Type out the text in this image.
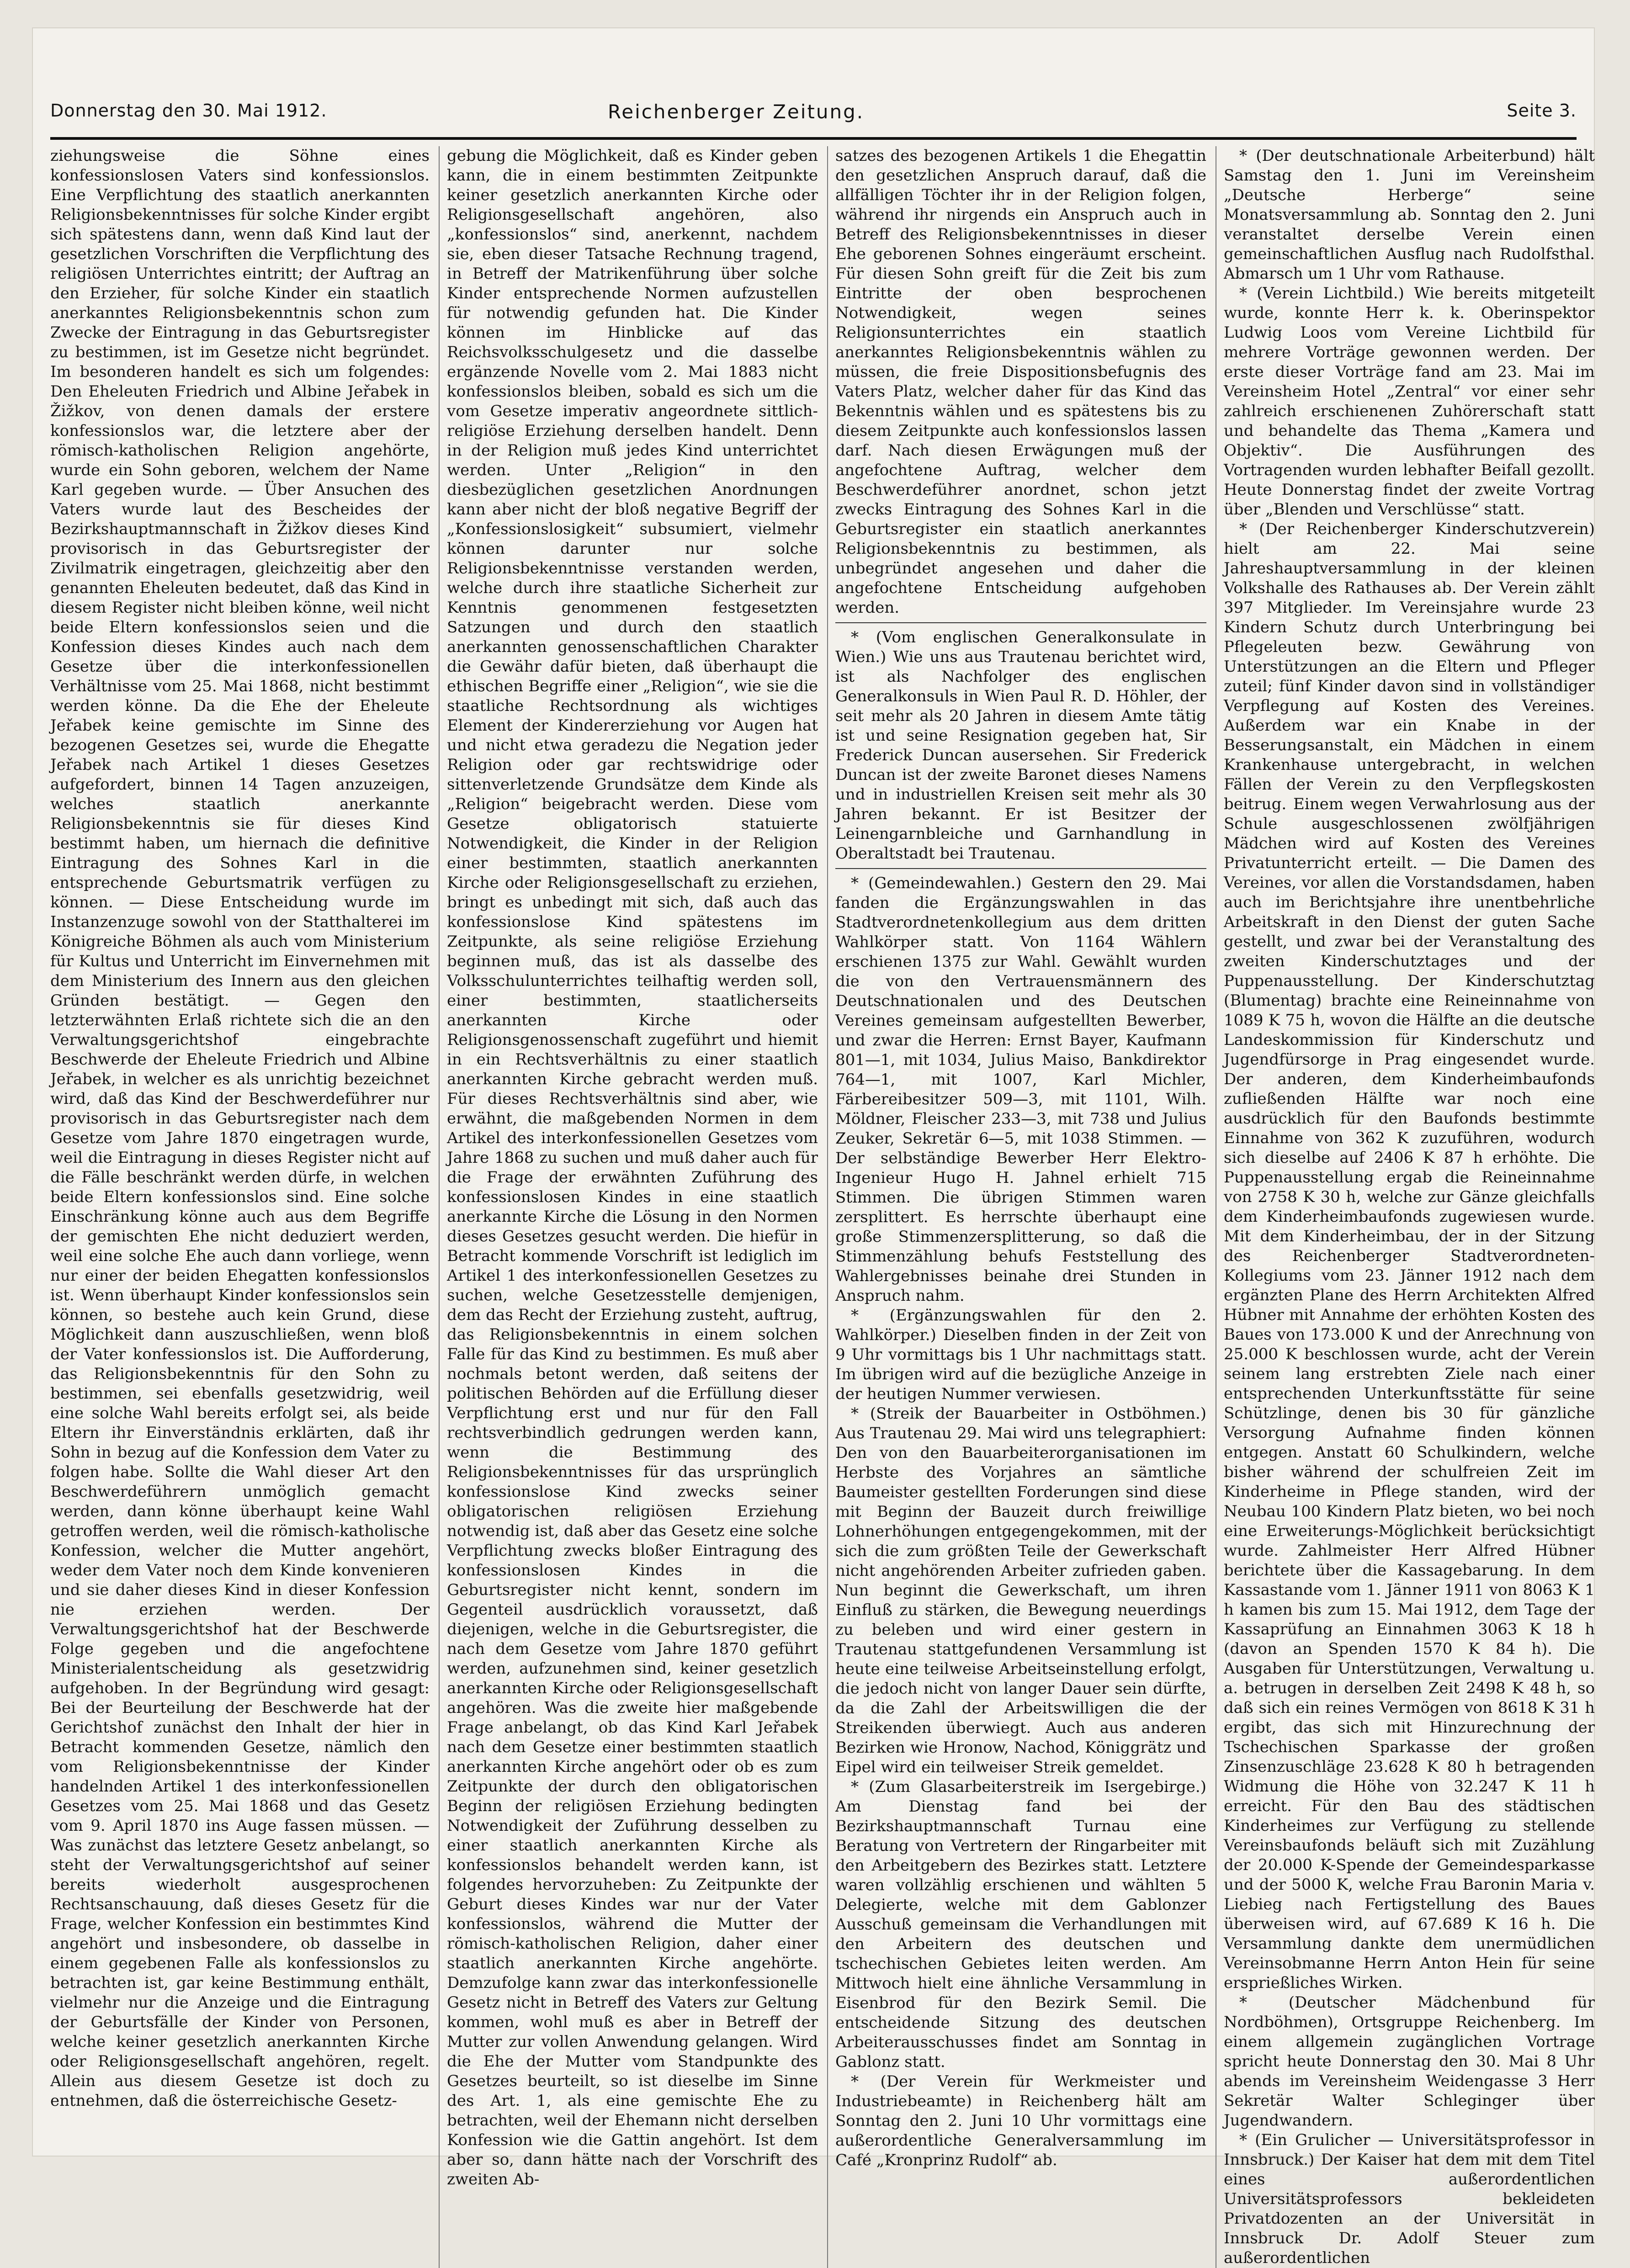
Donnerstag den 30. Mai 1912.	Reichenberger Zeitung.	Seite 3.

ziehungsweise die Söhne eines konfessionslosen Vaters sind konfessionslos. Eine Verpflichtung des staatlich anerkannten Religionsbekenntnisses für solche Kinder ergibt sich spätestens dann, wenn daß Kind laut der gesetzlichen Vorschriften die Verpflichtung des religiösen Unterrichtes eintritt; der Auftrag an den Erzieher, für solche Kinder ein staatlich anerkanntes Religionsbekenntnis schon zum Zwecke der Eintragung in das Geburtsregister zu bestimmen, ist im Gesetze nicht begründet. Im besonderen handelt es sich um folgendes: Den Eheleuten Friedrich und Albine Jeřabek in Žižkov, von denen damals der erstere konfessionslos war, die letztere aber der römisch-katholischen Religion angehörte, wurde ein Sohn geboren, welchem der Name Karl gegeben wurde. — Über Ansuchen des Vaters wurde laut des Bescheides der Bezirkshauptmannschaft in Žižkov dieses Kind provisorisch in das Geburtsregister der Zivilmatrik eingetragen, gleichzeitig aber den genannten Eheleuten bedeutet, daß das Kind in diesem Register nicht bleiben könne, weil nicht beide Eltern konfessionslos seien und die Konfession dieses Kindes auch nach dem Gesetze über die interkonfessionellen Verhältnisse vom 25. Mai 1868, nicht bestimmt werden könne. Da die Ehe der Eheleute Jeřabek keine gemischte im Sinne des bezogenen Gesetzes sei, wurde die Ehegatte Jeřabek nach Artikel 1 dieses Gesetzes aufgefordert, binnen 14 Tagen anzuzeigen, welches staatlich anerkannte Religionsbekenntnis sie für dieses Kind bestimmt haben, um hiernach die definitive Eintragung des Sohnes Karl in die entsprechende Geburtsmatrik verfügen zu können. — Diese Entscheidung wurde im Instanzenzuge sowohl von der Statthalterei im Königreiche Böhmen als auch vom Ministerium für Kultus und Unterricht im Einvernehmen mit dem Ministerium des Innern aus den gleichen Gründen bestätigt. — Gegen den letzterwähnten Erlaß richtete sich die an den Verwaltungsgerichtshof eingebrachte Beschwerde der Eheleute Friedrich und Albine Jeřabek, in welcher es als unrichtig bezeichnet wird, daß das Kind der Beschwerdeführer nur provisorisch in das Geburtsregister nach dem Gesetze vom Jahre 1870 eingetragen wurde, weil die Eintragung in dieses Register nicht auf die Fälle beschränkt werden dürfe, in welchen beide Eltern konfessionslos sind. Eine solche Einschränkung könne auch aus dem Begriffe der gemischten Ehe nicht deduziert werden, weil eine solche Ehe auch dann vorliege, wenn nur einer der beiden Ehegatten konfessionslos ist. Wenn überhaupt Kinder konfessionslos sein können, so bestehe auch kein Grund, diese Möglichkeit dann auszuschließen, wenn bloß der Vater konfessionslos ist. Die Aufforderung, das Religionsbekenntnis für den Sohn zu bestimmen, sei ebenfalls gesetzwidrig, weil eine solche Wahl bereits erfolgt sei, als beide Eltern ihr Einverständnis erklärten, daß ihr Sohn in bezug auf die Konfession dem Vater zu folgen habe. Sollte die Wahl dieser Art den Beschwerdeführern unmöglich gemacht werden, dann könne überhaupt keine Wahl getroffen werden, weil die römisch-katholische Konfession, welcher die Mutter angehört, weder dem Vater noch dem Kinde konvenieren und sie daher dieses Kind in dieser Konfession nie erziehen werden. Der Verwaltungsgerichtshof hat der Beschwerde Folge gegeben und die angefochtene Ministerialentscheidung als gesetzwidrig aufgehoben. In der Begründung wird gesagt: Bei der Beurteilung der Beschwerde hat der Gerichtshof zunächst den Inhalt der hier in Betracht kommenden Gesetze, nämlich den vom Religionsbekenntnisse der Kinder handelnden Artikel 1 des interkonfessionellen Gesetzes vom 25. Mai 1868 und das Gesetz vom 9. April 1870 ins Auge fassen müssen. — Was zunächst das letztere Gesetz anbelangt, so steht der Verwaltungsgerichtshof auf seiner bereits wiederholt ausgesprochenen Rechtsanschauung, daß dieses Gesetz für die Frage, welcher Konfession ein bestimmtes Kind angehört und insbesondere, ob dasselbe in einem gegebenen Falle als konfessionslos zu betrachten ist, gar keine Bestimmung enthält, vielmehr nur die Anzeige und die Eintragung der Geburtsfälle der Kinder von Personen, welche keiner gesetzlich anerkannten Kirche oder Religionsgesellschaft angehören, regelt. Allein aus diesem Gesetze ist doch zu entnehmen, daß die österreichische Gesetz-

gebung die Möglichkeit, daß es Kinder geben kann, die in einem bestimmten Zeitpunkte keiner gesetzlich anerkannten Kirche oder Religionsgesellschaft angehören, also „konfessionslos“ sind, anerkennt, nachdem sie, eben dieser Tatsache Rechnung tragend, in Betreff der Matrikenführung über solche Kinder entsprechende Normen aufzustellen für notwendig gefunden hat. Die Kinder können im Hinblicke auf das Reichsvolksschulgesetz und die dasselbe ergänzende Novelle vom 2. Mai 1883 nicht konfessionslos bleiben, sobald es sich um die vom Gesetze imperativ angeordnete sittlich-religiöse Erziehung derselben handelt. Denn in der Religion muß jedes Kind unterrichtet werden. Unter „Religion“ in den diesbezüglichen gesetzlichen Anordnungen kann aber nicht der bloß negative Begriff der „Konfessionslosigkeit“ subsumiert, vielmehr können darunter nur solche Religionsbekenntnisse verstanden werden, welche durch ihre staatliche Sicherheit zur Kenntnis genommenen festgesetzten Satzungen und durch den staatlich anerkannten genossenschaftlichen Charakter die Gewähr dafür bieten, daß überhaupt die ethischen Begriffe einer „Religion“, wie sie die staatliche Rechtsordnung als wichtiges Element der Kindererziehung vor Augen hat und nicht etwa geradezu die Negation jeder Religion oder gar rechtswidrige oder sittenverletzende Grundsätze dem Kinde als „Religion“ beigebracht werden. Diese vom Gesetze obligatorisch statuierte Notwendigkeit, die Kinder in der Religion einer bestimmten, staatlich anerkannten Kirche oder Religionsgesellschaft zu erziehen, bringt es unbedingt mit sich, daß auch das konfessionslose Kind spätestens im Zeitpunkte, als seine religiöse Erziehung beginnen muß, das ist als dasselbe des Volksschulunterrichtes teilhaftig werden soll, einer bestimmten, staatlicherseits anerkannten Kirche oder Religionsgenossenschaft zugeführt und hiemit in ein Rechtsverhältnis zu einer staatlich anerkannten Kirche gebracht werden muß. Für dieses Rechtsverhältnis sind aber, wie erwähnt, die maßgebenden Normen in dem Artikel des interkonfessionellen Gesetzes vom Jahre 1868 zu suchen und muß daher auch für die Frage der erwähnten Zuführung des konfessionslosen Kindes in eine staatlich anerkannte Kirche die Lösung in den Normen dieses Gesetzes gesucht werden. Die hiefür in Betracht kommende Vorschrift ist lediglich im Artikel 1 des interkonfessionellen Gesetzes zu suchen, welche Gesetzesstelle demjenigen, dem das Recht der Erziehung zusteht, auftrug, das Religionsbekenntnis in einem solchen Falle für das Kind zu bestimmen. Es muß aber nochmals betont werden, daß seitens der politischen Behörden auf die Erfüllung dieser Verpflichtung erst und nur für den Fall rechtsverbindlich gedrungen werden kann, wenn die Bestimmung des Religionsbekenntnisses für das ursprünglich konfessionslose Kind zwecks seiner obligatorischen religiösen Erziehung notwendig ist, daß aber das Gesetz eine solche Verpflichtung zwecks bloßer Eintragung des konfessionslosen Kindes in die Geburtsregister nicht kennt, sondern im Gegenteil ausdrücklich voraussetzt, daß diejenigen, welche in die Geburtsregister, die nach dem Gesetze vom Jahre 1870 geführt werden, aufzunehmen sind, keiner gesetzlich anerkannten Kirche oder Religionsgesellschaft angehören. Was die zweite hier maßgebende Frage anbelangt, ob das Kind Karl Jeřabek nach dem Gesetze einer bestimmten staatlich anerkannten Kirche angehört oder ob es zum Zeitpunkte der durch den obligatorischen Beginn der religiösen Erziehung bedingten Notwendigkeit der Zuführung desselben zu einer staatlich anerkannten Kirche als konfessionslos behandelt werden kann, ist folgendes hervorzuheben: Zu Zeitpunkte der Geburt dieses Kindes war nur der Vater konfessionslos, während die Mutter der römisch-katholischen Religion, daher einer staatlich anerkannten Kirche angehörte. Demzufolge kann zwar das interkonfessionelle Gesetz nicht in Betreff des Vaters zur Geltung kommen, wohl muß es aber in Betreff der Mutter zur vollen Anwendung gelangen. Wird die Ehe der Mutter vom Standpunkte des Gesetzes beurteilt, so ist dieselbe im Sinne des Art. 1, als eine gemischte Ehe zu betrachten, weil der Ehemann nicht derselben Konfession wie die Gattin angehört. Ist dem aber so, dann hätte nach der Vorschrift des zweiten Ab-

satzes des bezogenen Artikels 1 die Ehegattin den gesetzlichen Anspruch darauf, daß die allfälligen Töchter ihr in der Religion folgen, während ihr nirgends ein Anspruch auch in Betreff des Religionsbekenntnisses in dieser Ehe geborenen Sohnes eingeräumt erscheint. Für diesen Sohn greift für die Zeit bis zum Eintritte der oben besprochenen Notwendigkeit, wegen seines Religionsunterrichtes ein staatlich anerkanntes Religionsbekenntnis wählen zu müssen, die freie Dispositionsbefugnis des Vaters Platz, welcher daher für das Kind das Bekenntnis wählen und es spätestens bis zu diesem Zeitpunkte auch konfessionslos lassen darf. Nach diesen Erwägungen muß der angefochtene Auftrag, welcher dem Beschwerdeführer anordnet, schon jetzt zwecks Eintragung des Sohnes Karl in die Geburtsregister ein staatlich anerkanntes Religionsbekenntnis zu bestimmen, als unbegründet angesehen und daher die angefochtene Entscheidung aufgehoben werden.

* (Vom englischen Generalkonsulate in Wien.) Wie uns aus Trautenau berichtet wird, ist als Nachfolger des englischen Generalkonsuls in Wien Paul R. D. Höhler, der seit mehr als 20 Jahren in diesem Amte tätig ist und seine Resignation gegeben hat, Sir Frederick Duncan ausersehen. Sir Frederick Duncan ist der zweite Baronet dieses Namens und in industriellen Kreisen seit mehr als 30 Jahren bekannt. Er ist Besitzer der Leinengarnbleiche und Garnhandlung in Oberaltstadt bei Trautenau.

* (Gemeindewahlen.) Gestern den 29. Mai fanden die Ergänzungswahlen in das Stadtverordnetenkollegium aus dem dritten Wahlkörper statt. Von 1164 Wählern erschienen 1375 zur Wahl. Gewählt wurden die von den Vertrauensmännern des Deutschnationalen und des Deutschen Vereines gemeinsam aufgestellten Bewerber, und zwar die Herren: Ernst Bayer, Kaufmann 801—1, mit 1034, Julius Maiso, Bankdirektor 764—1, mit 1007, Karl Michler, Färbereibesitzer 509—3, mit 1101, Wilh. Möldner, Fleischer 233—3, mit 738 und Julius Zeuker, Sekretär 6—5, mit 1038 Stimmen. — Der selbständige Bewerber Herr Elektro-Ingenieur Hugo H. Jahnel erhielt 715 Stimmen. Die übrigen Stimmen waren zersplittert. Es herrschte überhaupt eine große Stimmenzersplitterung, so daß die Stimmenzählung behufs Feststellung des Wahlergebnisses beinahe drei Stunden in Anspruch nahm.

* (Ergänzungswahlen für den 2. Wahlkörper.) Dieselben finden in der Zeit von 9 Uhr vormittags bis 1 Uhr nachmittags statt. Im übrigen wird auf die bezügliche Anzeige in der heutigen Nummer verwiesen.

* (Streik der Bauarbeiter in Ostböhmen.) Aus Trautenau 29. Mai wird uns telegraphiert: Den von den Bauarbeiterorganisationen im Herbste des Vorjahres an sämtliche Baumeister gestellten Forderungen sind diese mit Beginn der Bauzeit durch freiwillige Lohnerhöhungen entgegengekommen, mit der sich die zum größten Teile der Gewerkschaft nicht angehörenden Arbeiter zufrieden gaben. Nun beginnt die Gewerkschaft, um ihren Einfluß zu stärken, die Bewegung neuerdings zu beleben und wird einer gestern in Trautenau stattgefundenen Versammlung ist heute eine teilweise Arbeitseinstellung erfolgt, die jedoch nicht von langer Dauer sein dürfte, da die Zahl der Arbeitswilligen die der Streikenden überwiegt. Auch aus anderen Bezirken wie Hronow, Nachod, Königgrätz und Eipel wird ein teilweiser Streik gemeldet.

* (Zum Glasarbeiterstreik im Isergebirge.) Am Dienstag fand bei der Bezirkshauptmannschaft Turnau eine Beratung von Vertretern der Ringarbeiter mit den Arbeitgebern des Bezirkes statt. Letztere waren vollzählig erschienen und wählten 5 Delegierte, welche mit dem Gablonzer Ausschuß gemeinsam die Verhandlungen mit den Arbeitern des deutschen und tschechischen Gebietes leiten werden. Am Mittwoch hielt eine ähnliche Versammlung in Eisenbrod für den Bezirk Semil. Die entscheidende Sitzung des deutschen Arbeiterausschusses findet am Sonntag in Gablonz statt.

* (Der Verein für Werkmeister und Industriebeamte) in Reichenberg hält am Sonntag den 2. Juni 10 Uhr vormittags eine außerordentliche Generalversammlung im Café „Kronprinz Rudolf“ ab.

* (Der deutschnationale Arbeiterbund) hält Samstag den 1. Juni im Vereinsheim „Deutsche Herberge“ seine Monatsversammlung ab. Sonntag den 2. Juni veranstaltet derselbe Verein einen gemeinschaftlichen Ausflug nach Rudolfsthal. Abmarsch um 1 Uhr vom Rathause.

* (Verein Lichtbild.) Wie bereits mitgeteilt wurde, konnte Herr k. k. Oberinspektor Ludwig Loos vom Vereine Lichtbild für mehrere Vorträge gewonnen werden. Der erste dieser Vorträge fand am 23. Mai im Vereinsheim Hotel „Zentral“ vor einer sehr zahlreich erschienenen Zuhörerschaft statt und behandelte das Thema „Kamera und Objektiv“. Die Ausführungen des Vortragenden wurden lebhafter Beifall gezollt. Heute Donnerstag findet der zweite Vortrag über „Blenden und Verschlüsse“ statt.

* (Der Reichenberger Kinderschutzverein) hielt am 22. Mai seine Jahreshauptversammlung in der kleinen Volkshalle des Rathauses ab. Der Verein zählt 397 Mitglieder. Im Vereinsjahre wurde 23 Kindern Schutz durch Unterbringung bei Pflegeleuten bezw. Gewährung von Unterstützungen an die Eltern und Pfleger zuteil; fünf Kinder davon sind in vollständiger Verpflegung auf Kosten des Vereines. Außerdem war ein Knabe in der Besserungsanstalt, ein Mädchen in einem Krankenhause untergebracht, in welchen Fällen der Verein zu den Verpflegskosten beitrug. Einem wegen Verwahrlosung aus der Schule ausgeschlossenen zwölfjährigen Mädchen wird auf Kosten des Vereines Privatunterricht erteilt. — Die Damen des Vereines, vor allen die Vorstandsdamen, haben auch im Berichtsjahre ihre unentbehrliche Arbeitskraft in den Dienst der guten Sache gestellt, und zwar bei der Veranstaltung des zweiten Kinderschutztages und der Puppenausstellung. Der Kinderschutztag (Blumentag) brachte eine Reineinnahme von 1089 K 75 h, wovon die Hälfte an die deutsche Landeskommission für Kinderschutz und Jugendfürsorge in Prag eingesendet wurde. Der anderen, dem Kinderheimbaufonds zufließenden Hälfte war noch eine ausdrücklich für den Baufonds bestimmte Einnahme von 362 K zuzuführen, wodurch sich dieselbe auf 2406 K 87 h erhöhte. Die Puppenausstellung ergab die Reineinnahme von 2758 K 30 h, welche zur Gänze gleichfalls dem Kinderheimbaufonds zugewiesen wurde. Mit dem Kinderheimbau, der in der Sitzung des Reichenberger Stadtverordneten-Kollegiums vom 23. Jänner 1912 nach dem ergänzten Plane des Herrn Architekten Alfred Hübner mit Annahme der erhöhten Kosten des Baues von 173.000 K und der Anrechnung von 25.000 K beschlossen wurde, acht der Verein seinem lang erstrebten Ziele nach einer entsprechenden Unterkunftsstätte für seine Schützlinge, denen bis 30 für gänzliche Versorgung Aufnahme finden können entgegen. Anstatt 60 Schulkindern, welche bisher während der schulfreien Zeit im Kinderheime in Pflege standen, wird der Neubau 100 Kindern Platz bieten, wo bei noch eine Erweiterungs-Möglichkeit berücksichtigt wurde. Zahlmeister Herr Alfred Hübner berichtete über die Kassagebarung. In dem Kassastande vom 1. Jänner 1911 von 8063 K 1 h kamen bis zum 15. Mai 1912, dem Tage der Kassaprüfung an Einnahmen 3063 K 18 h (davon an Spenden 1570 K 84 h). Die Ausgaben für Unterstützungen, Verwaltung u. a. betrugen in derselben Zeit 2498 K 48 h, so daß sich ein reines Vermögen von 8618 K 31 h ergibt, das sich mit Hinzurechnung der Tschechischen Sparkasse der großen Zinsenzuschläge 23.628 K 80 h betragenden Widmung die Höhe von 32.247 K 11 h erreicht. Für den Bau des städtischen Kinderheimes zur Verfügung zu stellende Vereinsbaufonds beläuft sich mit Zuzählung der 20.000 K-Spende der Gemeindesparkasse und der 5000 K, welche Frau Baronin Maria v. Liebieg nach Fertigstellung des Baues überweisen wird, auf 67.689 K 16 h. Die Versammlung dankte dem unermüdlichen Vereinsobmanne Herrn Anton Hein für seine ersprießliches Wirken.

* (Deutscher Mädchenbund für Nordböhmen), Ortsgruppe Reichenberg. Im einem allgemein zugänglichen Vortrage spricht heute Donnerstag den 30. Mai 8 Uhr abends im Vereinsheim Weidengasse 3 Herr Sekretär Walter Schleginger über Jugendwandern.

* (Ein Grulicher — Universitätsprofessor in Innsbruck.) Der Kaiser hat dem mit dem Titel eines außerordentlichen Universitätsprofessors bekleideten Privatdozenten an der Universität in Innsbruck Dr. Adolf Steuer zum außerordentlichen
